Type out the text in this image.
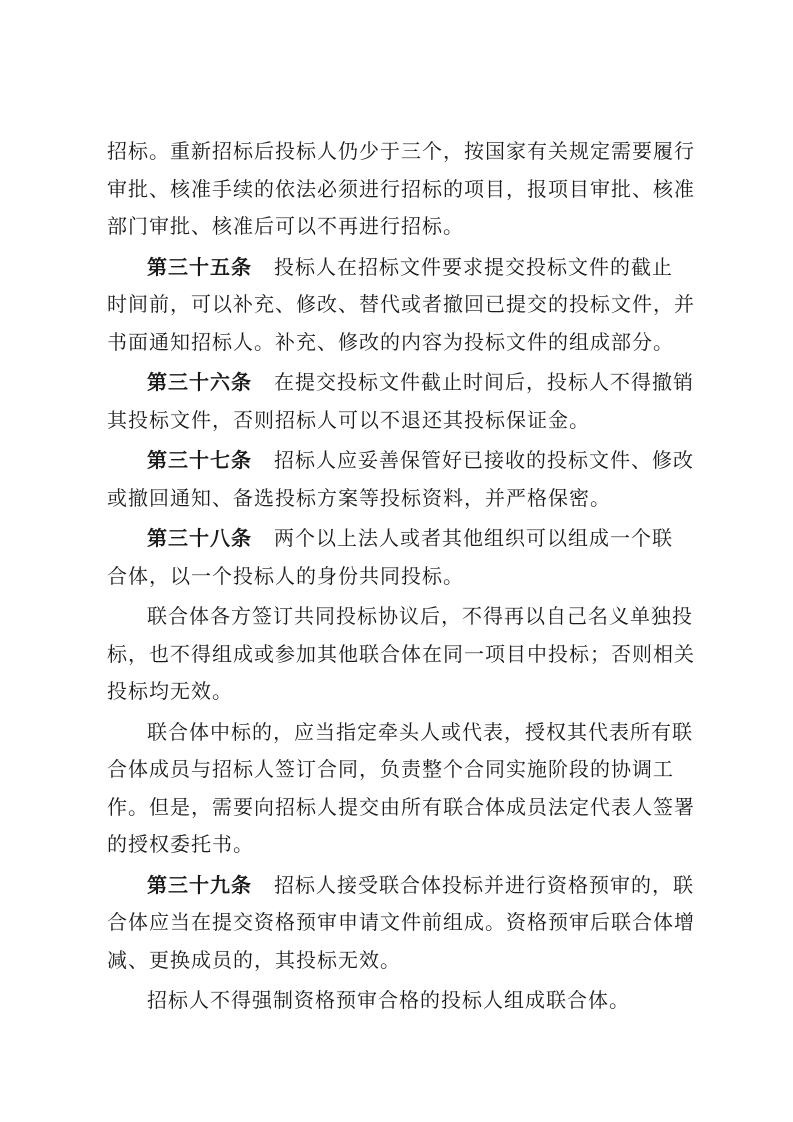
招标。重新招标后投标人仍少于三个，按国家有关规定需要履行
审批、核准手续的依法必须进行招标的项目，报项目审批、核准
部门审批、核准后可以不再进行招标。
第三十五条 投标人在招标文件要求提交投标文件的截止
时间前，可以补充、修改、替代或者撤回已提交的投标文件，并
书面通知招标人。补充、修改的内容为投标文件的组成部分。
第三十六条 在提交投标文件截止时间后，投标人不得撤销
其投标文件，否则招标人可以不退还其投标保证金。
第三十七条 招标人应妥善保管好已接收的投标文件、修改
或撤回通知、备选投标方案等投标资料，并严格保密。
第三十八条 两个以上法人或者其他组织可以组成一个联
合体，以一个投标人的身份共同投标。
联合体各方签订共同投标协议后，不得再以自己名义单独投
标，也不得组成或参加其他联合体在同一项目中投标；否则相关
投标均无效。
联合体中标的，应当指定牵头人或代表，授权其代表所有联
合体成员与招标人签订合同，负责整个合同实施阶段的协调工
作。但是，需要向招标人提交由所有联合体成员法定代表人签署
的授权委托书。
第三十九条 招标人接受联合体投标并进行资格预审的，联
合体应当在提交资格预审申请文件前组成。资格预审后联合体增
减、更换成员的，其投标无效。
招标人不得强制资格预审合格的投标人组成联合体。
